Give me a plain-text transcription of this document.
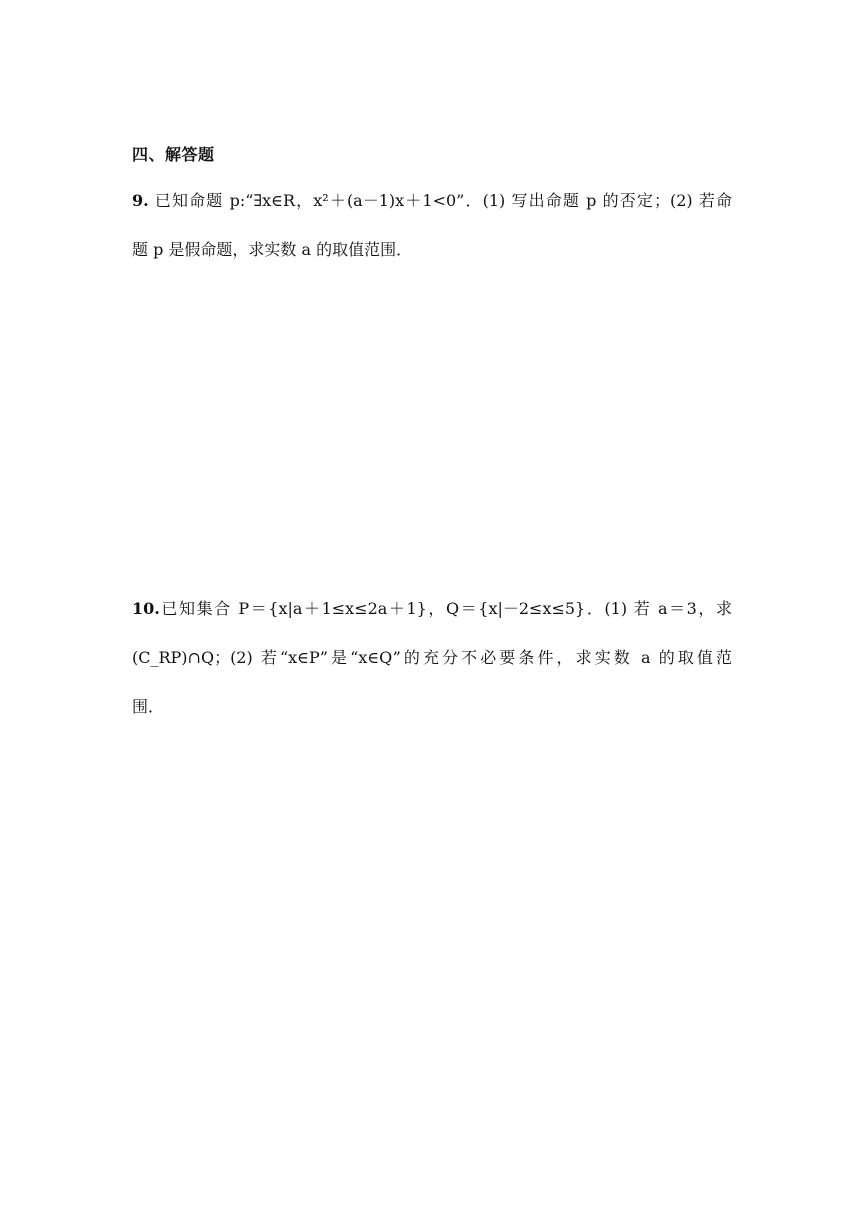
四、解答题
9. 已知命题 p:“∃x∈R，x²＋(a－1)x＋1<0”．(1) 写出命题 p 的否定；(2) 若命
题 p 是假命题，求实数 a 的取值范围．
10.已知集合 P＝{x|a＋1≤x≤2a＋1}，Q＝{x|－2≤x≤5}．(1) 若 a＝3，求
(C_RP)∩Q；(2) 若“x∈P”是“x∈Q”的充分不必要条件，求实数 a 的取值范
围．
